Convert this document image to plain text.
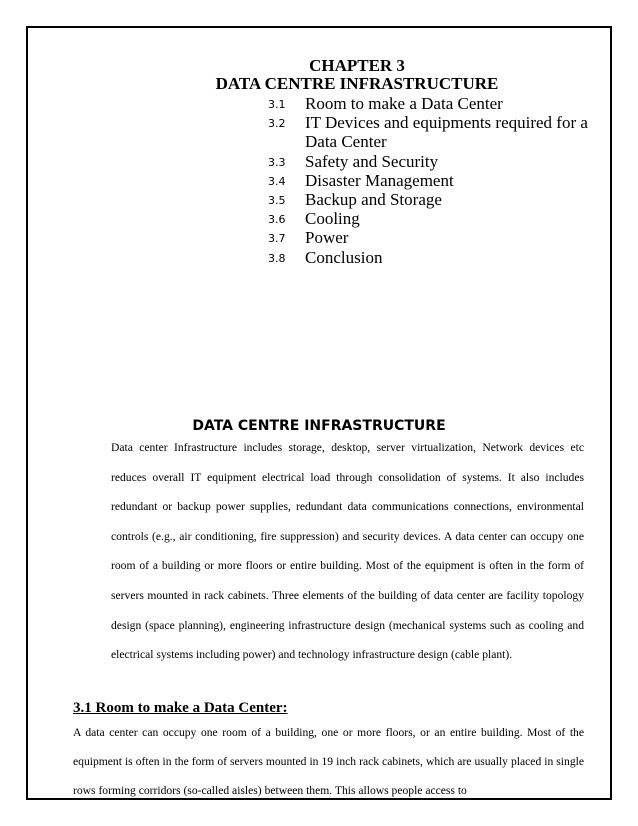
CHAPTER 3
DATA CENTRE INFRASTRUCTURE
3.1	Room to make a Data Center
3.2	IT Devices and equipments required for a Data Center
3.3	Safety and Security
3.4	Disaster Management
3.5	Backup and Storage
3.6	Cooling
3.7	Power
3.8	Conclusion
DATA CENTRE INFRASTRUCTURE
Data center Infrastructure includes storage, desktop, server virtualization, Network devices etc reduces overall IT equipment electrical load through consolidation of systems. It also includes redundant or backup power supplies, redundant data communications connections, environmental controls (e.g., air conditioning, fire suppression) and security devices. A data center can occupy one room of a building or more floors or entire building. Most of the equipment is often in the form of servers mounted in rack cabinets. Three elements of the building of data center are facility topology design (space planning), engineering infrastructure design (mechanical systems such as cooling and electrical systems including power) and technology infrastructure design (cable plant).
3.1 Room to make a Data Center:
A data center can occupy one room of a building, one or more floors, or an entire building. Most of the equipment is often in the form of servers mounted in 19 inch rack cabinets, which are usually placed in single rows forming corridors (so-called aisles) between them. This allows people access to
